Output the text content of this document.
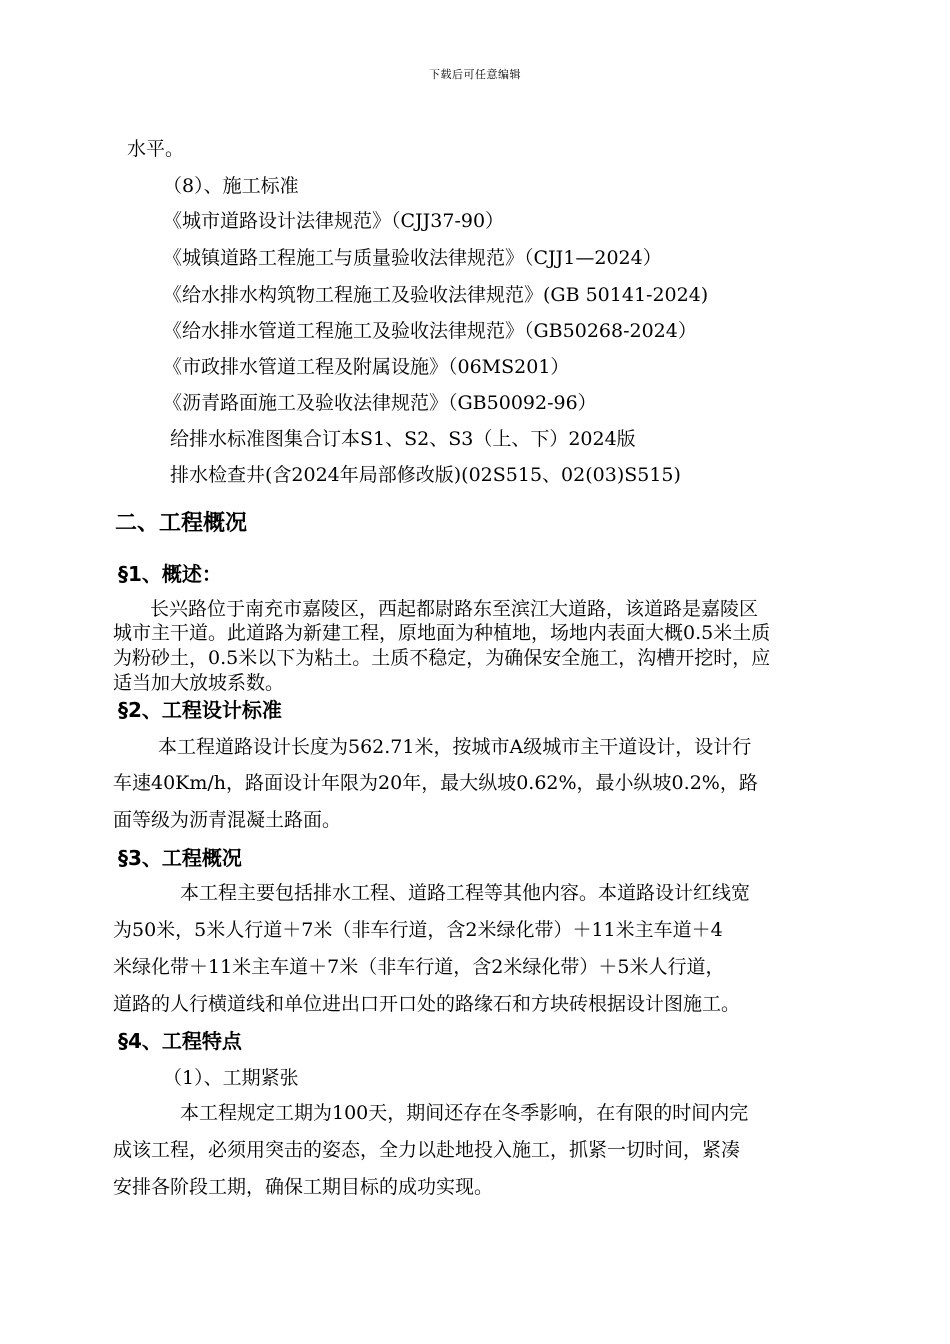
下载后可任意编辑
水平。
（8）、施工标准
《城市道路设计法律规范》（CJJ37-90）
《城镇道路工程施工与质量验收法律规范》（CJJ1—2024）
《给水排水构筑物工程施工及验收法律规范》(GB 50141-2024)
《给水排水管道工程施工及验收法律规范》（GB50268-2024）
《市政排水管道工程及附属设施》（06MS201）
《沥青路面施工及验收法律规范》（GB50092-96）
给排水标准图集合订本S1、S2、S3（上、下）2024版
排水检查井(含2024年局部修改版)(02S515、02(03)S515)
二、工程概况
§1、概述：
长兴路位于南充市嘉陵区，西起都尉路东至滨江大道路，该道路是嘉陵区
城市主干道。此道路为新建工程，原地面为种植地，场地内表面大概0.5米土质
为粉砂土，0.5米以下为粘土。土质不稳定，为确保安全施工，沟槽开挖时，应
适当加大放坡系数。
§2、工程设计标准
本工程道路设计长度为562.71米，按城市A级城市主干道设计，设计行
车速40Km/h，路面设计年限为20年，最大纵坡0.62%，最小纵坡0.2%，路
面等级为沥青混凝土路面。
§3、工程概况
本工程主要包括排水工程、道路工程等其他内容。本道路设计红线宽
为50米，5米人行道＋7米（非车行道，含2米绿化带）＋11米主车道＋4
米绿化带＋11米主车道＋7米（非车行道，含2米绿化带）＋5米人行道，
道路的人行横道线和单位进出口开口处的路缘石和方块砖根据设计图施工。
§4、工程特点
（1）、工期紧张
本工程规定工期为100天，期间还存在冬季影响，在有限的时间内完
成该工程，必须用突击的姿态，全力以赴地投入施工，抓紧一切时间，紧凑
安排各阶段工期，确保工期目标的成功实现。
